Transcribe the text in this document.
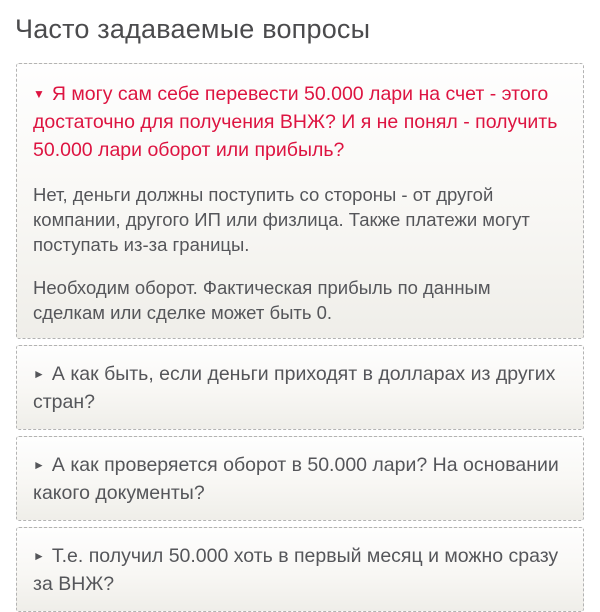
Часто задаваемые вопросы
▼ Я могу сам себе перевести 50.000 лари на счет - этого достаточно для получения ВНЖ? И я не понял - получить 50.000 лари оборот или прибыль?

Нет, деньги должны поступить со стороны - от другой компании, другого ИП или физлица. Также платежи могут поступать из-за границы.

Необходим оборот. Фактическая прибыль по данным сделкам или сделке может быть 0.

► А как быть, если деньги приходят в долларах из других стран?
► А как проверяется оборот в 50.000 лари? На основании какого документы?
► Т.е. получил 50.000 хоть в первый месяц и можно сразу за ВНЖ?
